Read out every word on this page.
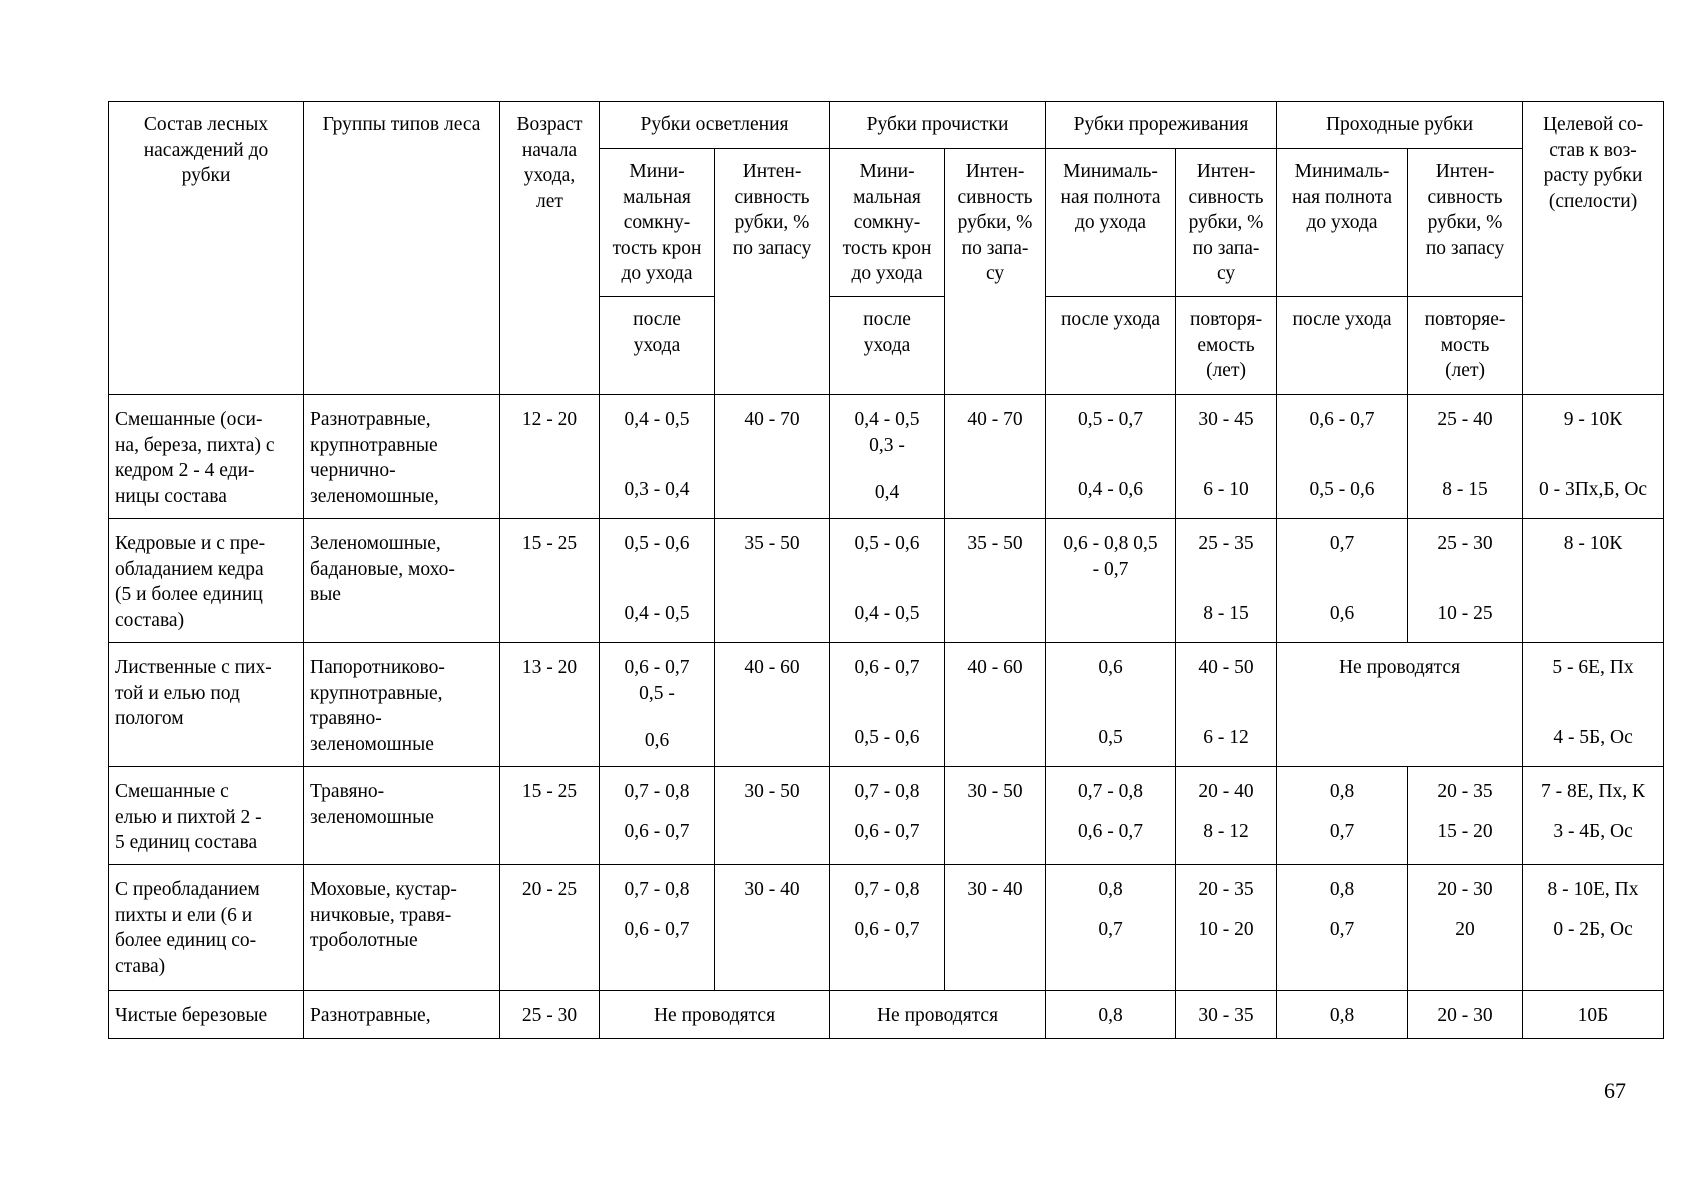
Состав лесных
насаждений до
рубки	Группы типов леса	Возраст
начала
ухода,
лет	Рубки осветления		Рубки прочистки		Рубки прореживания		Проходные рубки		Целевой со-
став к воз-
расту рубки
(спелости)

			Мини-
мальная
сомкну-
тость крон
до ухода	Интен-
сивность
рубки, %
по запасу	Мини-
мальная
сомкну-
тость крон
до ухода	Интен-
сивность
рубки, %
по запа-
су	Минималь-
ная полнота
до ухода	Интен-
сивность
рубки, %
по запа-
су	Минималь-
ная полнота
до ухода	Интен-
сивность
рубки, %
по запасу	

			после
ухода		после
ухода		после ухода	повторя-
емость
(лет)	после ухода	повторяе-
мость
(лет)	

Смешанные (оси-
на, береза, пихта) с
кедром 2 - 4 еди-
ницы состава	Разнотравные,
крупнотравные
чернично-
зеленомошные,	12 - 20	0,4 - 0,5
0,3 - 0,4	40 - 70	0,4 - 0,5
0,3 -
0,4	40 - 70	0,5 - 0,7
0,4 - 0,6	30 - 45
6 - 10	0,6 - 0,7
0,5 - 0,6	25 - 40
8 - 15	9 - 10К
0 - 3Пх,Б, Ос

Кедровые и с пре-
обладанием кедра
(5 и более единиц
состава)	Зеленомошные,
бадановые, мохо-
вые	15 - 25	0,5 - 0,6
0,4 - 0,5	35 - 50	0,5 - 0,6
0,4 - 0,5	35 - 50	0,6 - 0,8 0,5
- 0,7	25 - 35
8 - 15	0,7
0,6	25 - 30
10 - 25	8 - 10К

Лиственные с пих-
той и елью под
пологом	Папоротниково-
крупнотравные,
травяно-
зеленомошные	13 - 20	0,6 - 0,7
0,5 -
0,6	40 - 60	0,6 - 0,7
0,5 - 0,6	40 - 60	0,6
0,5	40 - 50
6 - 12	Не проводятся		5 - 6Е, Пх
4 - 5Б, Ос

Смешанные с
елью и пихтой 2 -
5 единиц состава	Травяно-
зеленомошные	15 - 25	0,7 - 0,8
0,6 - 0,7	30 - 50	0,7 - 0,8
0,6 - 0,7	30 - 50	0,7 - 0,8
0,6 - 0,7	20 - 40
8 - 12	0,8
0,7	20 - 35
15 - 20	7 - 8Е, Пх, К
3 - 4Б, Ос

С преобладанием
пихты и ели (6 и
более единиц со-
става)	Моховые, кустар-
ничковые, травя-
троболотные	20 - 25	0,7 - 0,8
0,6 - 0,7	30 - 40	0,7 - 0,8
0,6 - 0,7	30 - 40	0,8
0,7	20 - 35
10 - 20	0,8
0,7	20 - 30
20	8 - 10Е, Пх
0 - 2Б, Ос

Чистые березовые	Разнотравные,	25 - 30	Не проводятся		Не проводятся		0,8	30 - 35	0,8	20 - 30	10Б
67
